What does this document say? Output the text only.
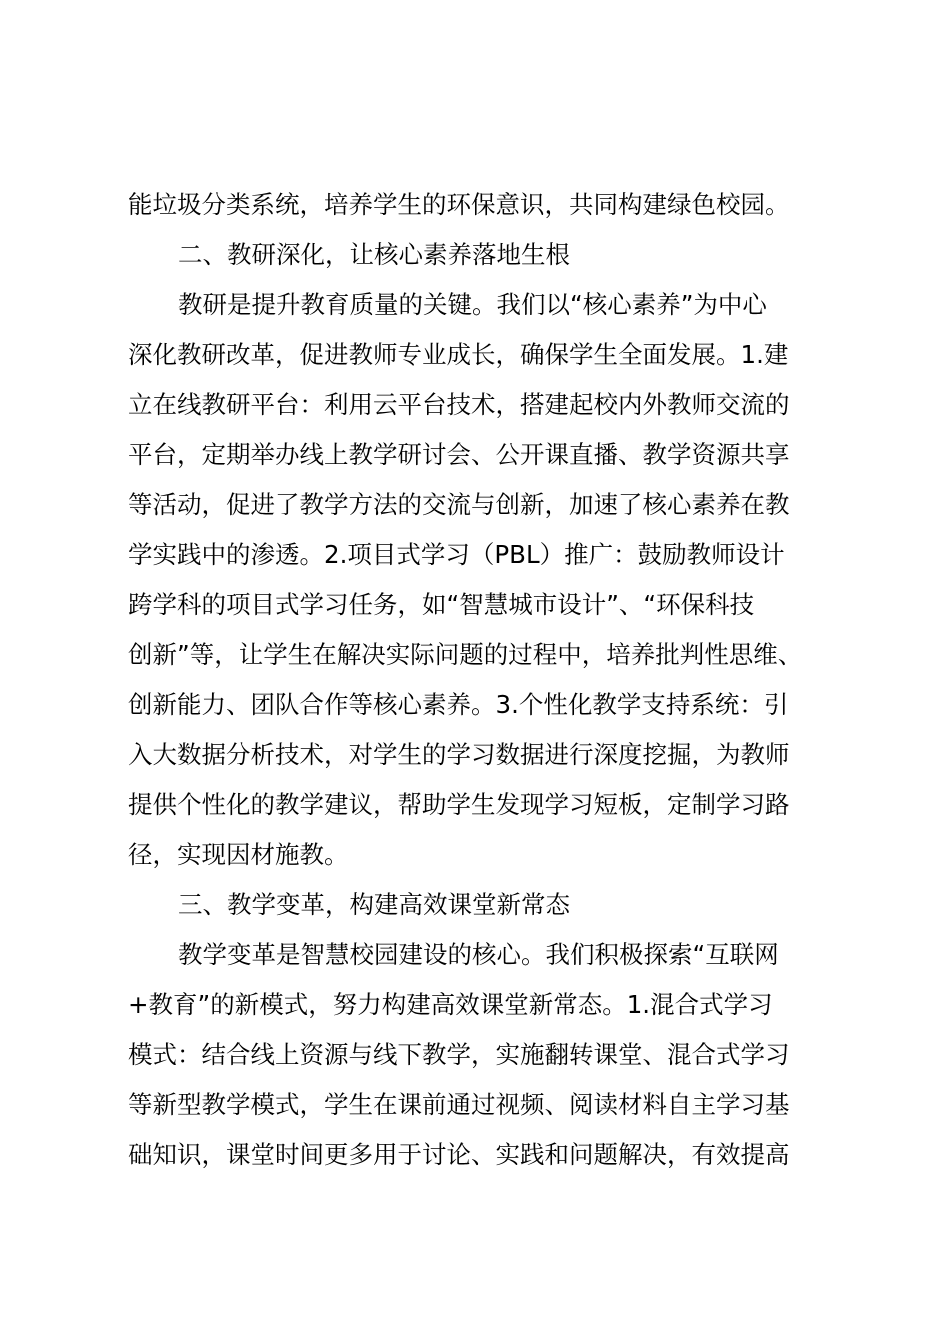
能垃圾分类系统，培养学生的环保意识，共同构建绿色校园。
二、教研深化，让核心素养落地生根
教研是提升教育质量的关键。我们以“核心素养”为中心
深化教研改革，促进教师专业成长，确保学生全面发展。1.建
立在线教研平台：利用云平台技术，搭建起校内外教师交流的
平台，定期举办线上教学研讨会、公开课直播、教学资源共享
等活动，促进了教学方法的交流与创新，加速了核心素养在教
学实践中的渗透。2.项目式学习（PBL）推广：鼓励教师设计
跨学科的项目式学习任务，如“智慧城市设计”、“环保科技
创新”等，让学生在解决实际问题的过程中，培养批判性思维、
创新能力、团队合作等核心素养。3.个性化教学支持系统：引
入大数据分析技术，对学生的学习数据进行深度挖掘，为教师
提供个性化的教学建议，帮助学生发现学习短板，定制学习路
径，实现因材施教。
三、教学变革，构建高效课堂新常态
教学变革是智慧校园建设的核心。我们积极探索“互联网
+教育”的新模式，努力构建高效课堂新常态。1.混合式学习
模式：结合线上资源与线下教学，实施翻转课堂、混合式学习
等新型教学模式，学生在课前通过视频、阅读材料自主学习基
础知识，课堂时间更多用于讨论、实践和问题解决，有效提高
